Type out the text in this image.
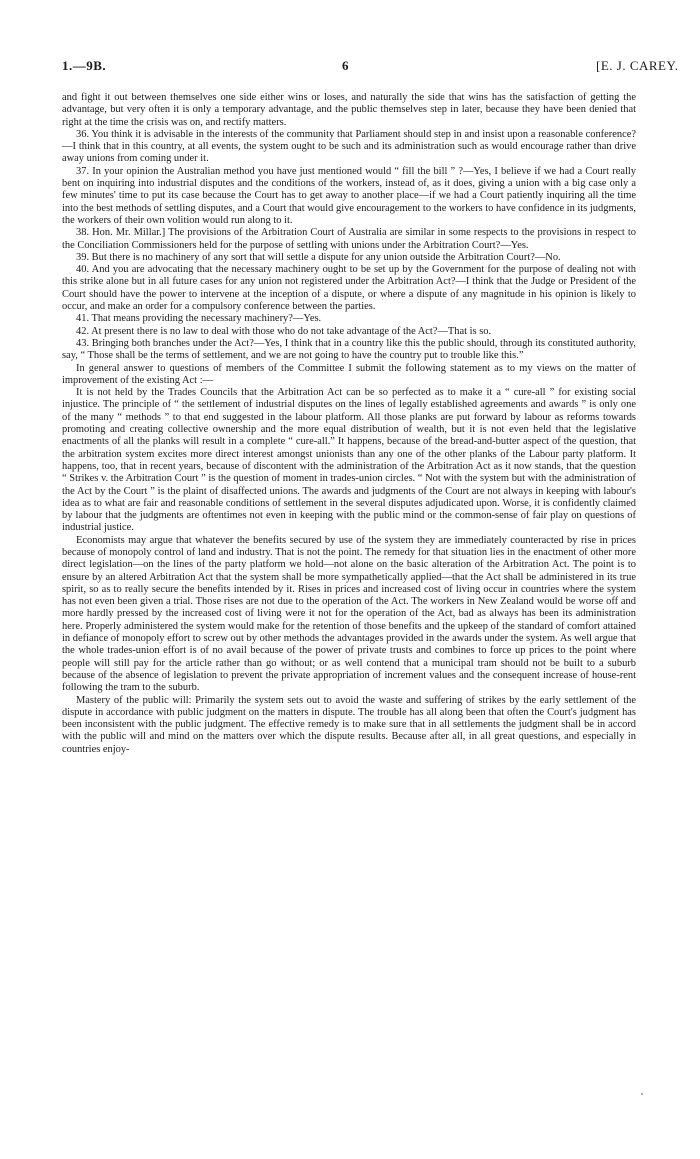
1.—9B.	6	[E. J. CAREY.

and fight it out between themselves one side either wins or loses, and naturally the side that wins has the satisfaction of getting the advantage, but very often it is only a temporary advantage, and the public themselves step in later, because they have been denied that right at the time the crisis was on, and rectify matters.

36. You think it is advisable in the interests of the community that Parliament should step in and insist upon a reasonable conference?—I think that in this country, at all events, the system ought to be such and its administration such as would encourage rather than drive away unions from coming under it.

37. In your opinion the Australian method you have just mentioned would “ fill the bill ” ?—Yes, I believe if we had a Court really bent on inquiring into industrial disputes and the conditions of the workers, instead of, as it does, giving a union with a big case only a few minutes' time to put its case because the Court has to get away to another place—if we had a Court patiently inquiring all the time into the best methods of settling disputes, and a Court that would give encouragement to the workers to have confidence in its judgments, the workers of their own volition would run along to it.

38. Hon. Mr. Millar.] The provisions of the Arbitration Court of Australia are similar in some respects to the provisions in respect to the Conciliation Commissioners held for the purpose of settling with unions under the Arbitration Court?—Yes.

39. But there is no machinery of any sort that will settle a dispute for any union outside the Arbitration Court?—No.

40. And you are advocating that the necessary machinery ought to be set up by the Government for the purpose of dealing not with this strike alone but in all future cases for any union not registered under the Arbitration Act?—I think that the Judge or President of the Court should have the power to intervene at the inception of a dispute, or where a dispute of any magnitude in his opinion is likely to occur, and make an order for a compulsory conference between the parties.

41. That means providing the necessary machinery?—Yes.

42. At present there is no law to deal with those who do not take advantage of the Act?—That is so.

43. Bringing both branches under the Act?—Yes, I think that in a country like this the public should, through its constituted authority, say, “ Those shall be the terms of settlement, and we are not going to have the country put to trouble like this.”

In general answer to questions of members of the Committee I submit the following statement as to my views on the matter of improvement of the existing Act :—

It is not held by the Trades Councils that the Arbitration Act can be so perfected as to make it a “ cure-all ” for existing social injustice. The principle of “ the settlement of industrial disputes on the lines of legally established agreements and awards ” is only one of the many “ methods ” to that end suggested in the labour platform. All those planks are put forward by labour as reforms towards promoting and creating collective ownership and the more equal distribution of wealth, but it is not even held that the legislative enactments of all the planks will result in a complete “ cure-all.” It happens, because of the bread-and-butter aspect of the question, that the arbitration system excites more direct interest amongst unionists than any one of the other planks of the Labour party platform. It happens, too, that in recent years, because of discontent with the administration of the Arbitration Act as it now stands, that the question “ Strikes v. the Arbitration Court ” is the question of moment in trades-union circles. “ Not with the system but with the administration of the Act by the Court ” is the plaint of disaffected unions. The awards and judgments of the Court are not always in keeping with labour's idea as to what are fair and reasonable conditions of settlement in the several disputes adjudicated upon. Worse, it is confidently claimed by labour that the judgments are oftentimes not even in keeping with the public mind or the common-sense of fair play on questions of industrial justice.

Economists may argue that whatever the benefits secured by use of the system they are immediately counteracted by rise in prices because of monopoly control of land and industry. That is not the point. The remedy for that situation lies in the enactment of other more direct legislation—on the lines of the party platform we hold—not alone on the basic alteration of the Arbitration Act. The point is to ensure by an altered Arbitration Act that the system shall be more sympathetically applied—that the Act shall be administered in its true spirit, so as to really secure the benefits intended by it. Rises in prices and increased cost of living occur in countries where the system has not even been given a trial. Those rises are not due to the operation of the Act. The workers in New Zealand would be worse off and more hardly pressed by the increased cost of living were it not for the operation of the Act, bad as always has been its administration here. Properly administered the system would make for the retention of those benefits and the upkeep of the standard of comfort attained in defiance of monopoly effort to screw out by other methods the advantages provided in the awards under the system. As well argue that the whole trades-union effort is of no avail because of the power of private trusts and combines to force up prices to the point where people will still pay for the article rather than go without; or as well contend that a municipal tram should not be built to a suburb because of the absence of legislation to prevent the private appropriation of increment values and the consequent increase of house-rent following the tram to the suburb.

Mastery of the public will: Primarily the system sets out to avoid the waste and suffering of strikes by the early settlement of the dispute in accordance with public judgment on the matters in dispute. The trouble has all along been that often the Court's judgment has been inconsistent with the public judgment. The effective remedy is to make sure that in all settlements the judgment shall be in accord with the public will and mind on the matters over which the dispute results. Because after all, in all great questions, and especially in countries enjoy-
